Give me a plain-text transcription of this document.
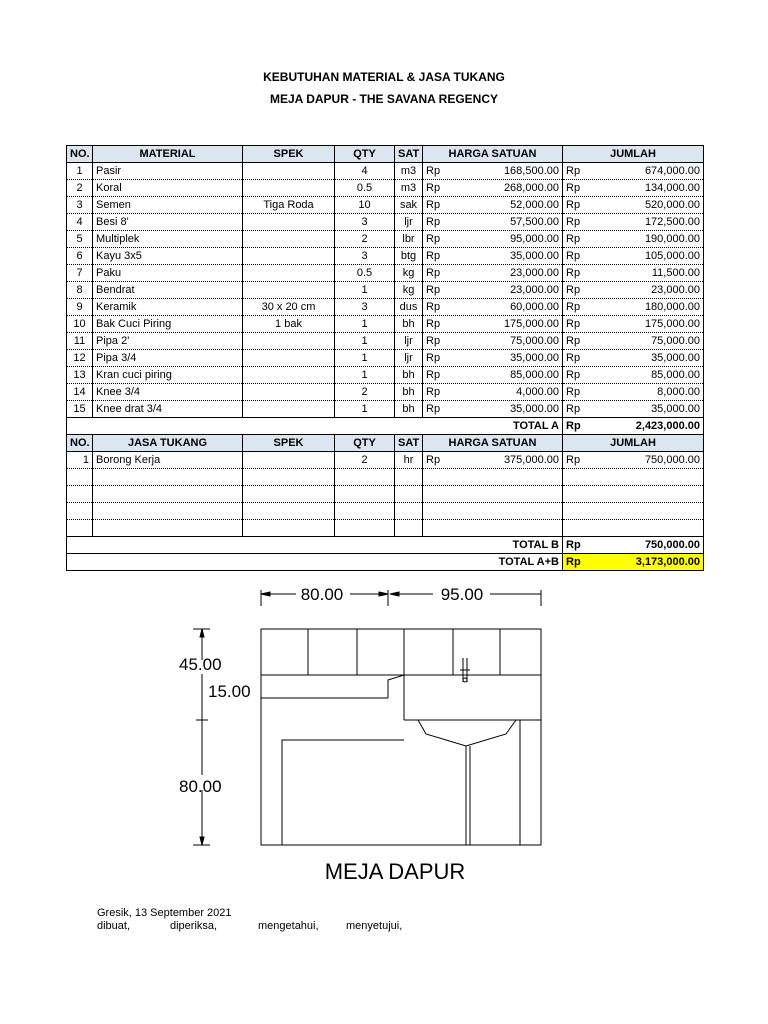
KEBUTUHAN MATERIAL & JASA TUKANG
MEJA DAPUR - THE SAVANA REGENCY
NO.	MATERIAL	SPEK	QTY	SAT	HARGA SATUAN	JUMLAH
1	Pasir		4	m3	Rp 168,500.00	Rp 674,000.00

2	Koral		0.5	m3	Rp 268,000.00	Rp 134,000.00

3	Semen	Tiga Roda	10	sak	Rp 52,000.00	Rp 520,000.00

4	Besi 8'		3	ljr	Rp 57,500.00	Rp 172,500.00

5	Multiplek		2	lbr	Rp 95,000.00	Rp 190,000.00

6	Kayu 3x5		3	btg	Rp 35,000.00	Rp 105,000.00

7	Paku		0.5	kg	Rp 23,000.00	Rp 11,500.00

8	Bendrat		1	kg	Rp 23,000.00	Rp 23,000.00

9	Keramik	30 x 20 cm	3	dus	Rp 60,000.00	Rp 180,000.00

10	Bak Cuci Piring	1 bak	1	bh	Rp 175,000.00	Rp 175,000.00

11	Pipa 2'		1	ljr	Rp 75,000.00	Rp 75,000.00

12	Pipa 3/4		1	ljr	Rp 35,000.00	Rp 35,000.00

13	Kran cuci piring		1	bh	Rp 85,000.00	Rp 85,000.00

14	Knee 3/4		2	bh	Rp 4,000.00	Rp 8,000.00

15	Knee drat 3/4		1	bh	Rp 35,000.00	Rp 35,000.00

TOTAL A						Rp 2,423,000.00

NO.	JASA TUKANG	SPEK	QTY	SAT	HARGA SATUAN	JUMLAH
1	Borong Kerja		2	hr	Rp 375,000.00	Rp 750,000.00

TOTAL B						Rp 750,000.00

TOTAL A+B						Rp 3,173,000.00
80.00	95.00
45.00
15.00
80.00
MEJA DAPUR
Gresik, 13 September 2021
dibuat,	diperiksa,	mengetahui, menyetujui,
